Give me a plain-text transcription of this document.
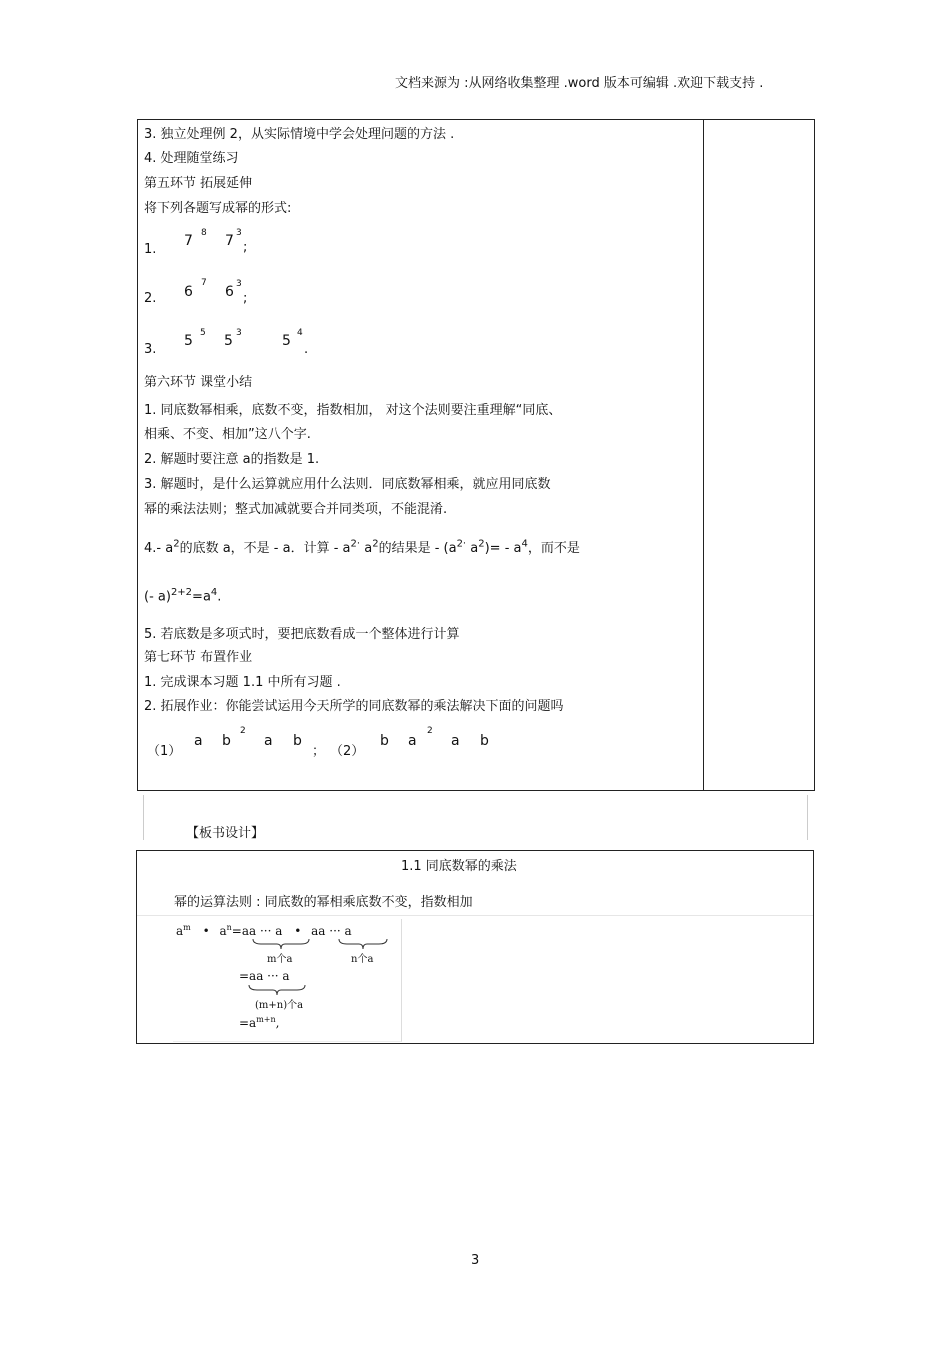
文档来源为 :从网络收集整理 .word 版本可编辑 .欢迎下载支持 .
3. 独立处理例 2，从实际情境中学会处理问题的方法 .
4. 处理随堂练习
第五环节 拓展延伸
将下列各题写成幂的形式:
1.
7 8 7 3
;
2. 6
7
6 3
;
3.
5 5 5 3	5 4
.
第六环节 课堂小结
1. 同底数幂相乘，底数不变，指数相加， 对这个法则要注重理解“同底、
相乘、不变、相加”这八个字.
2. 解题时要注意 a的指数是 1.
3. 解题时，是什么运算就应用什么法则．同底数幂相乘，就应用同底数
幂的乘法法则；整式加减就要合并同类项，不能混淆.
4.- $a^2$的底数 a，不是 - a．计算 - $a^{2\cdot}$ $a^2$的结果是 - ($a^{2\cdot}$ $a^2)= - a^4$，而不是
(- $a)^{2+2}=a^4$.
5. 若底数是多项式时，要把底数看成一个整体进行计算
第七环节 布置作业
1. 完成课本习题 1.1 中所有习题 .
2. 拓展作业：你能尝试运用今天所学的同底数幂的乘法解决下面的问题吗
（1）
a b
2
a b
； （2）
b a
2
a b
【板书设计】
1.1 同底数幂的乘法
幂的运算法则 : 同底数的幂相乘底数不变，指数相加
$a^m$ • $a^n=aa$ ··· a • aa ··· a
m个a	n个a
=aa ··· a
(m+n)个a
$=a^{m+n}$,
3
